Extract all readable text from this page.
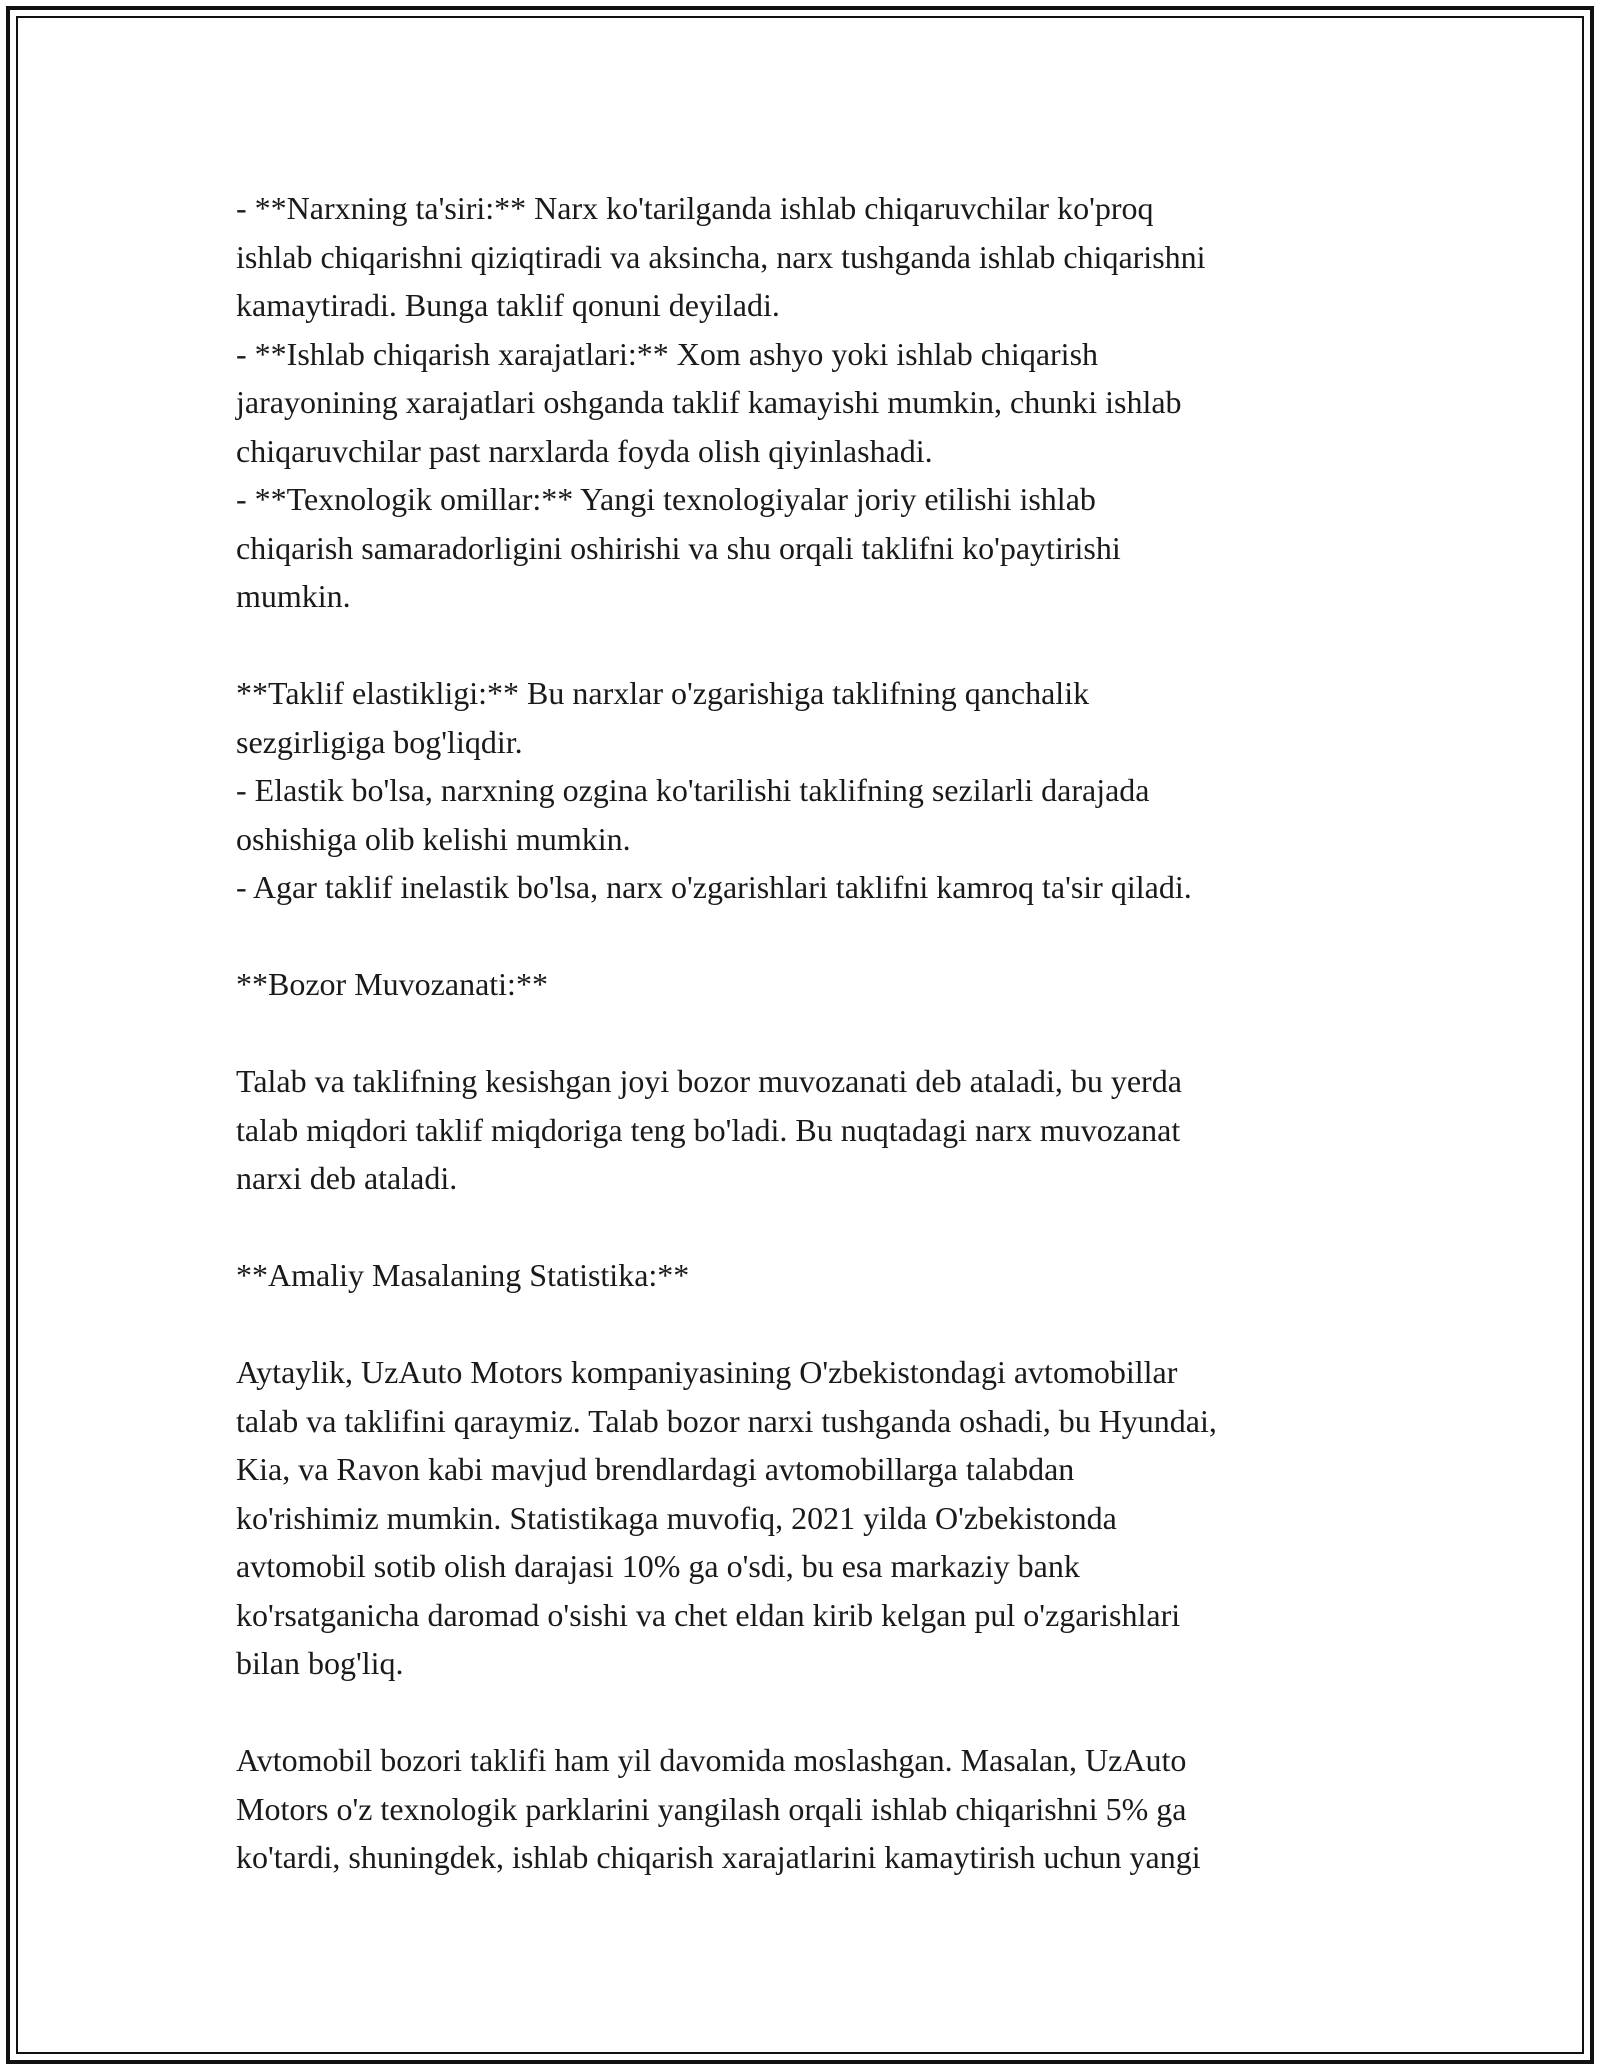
- **Narxning ta'siri:** Narx ko'tarilganda ishlab chiqaruvchilar ko'proq
ishlab chiqarishni qiziqtiradi va aksincha, narx tushganda ishlab chiqarishni
kamaytiradi. Bunga taklif qonuni deyiladi.
- **Ishlab chiqarish xarajatlari:** Xom ashyo yoki ishlab chiqarish
jarayonining xarajatlari oshganda taklif kamayishi mumkin, chunki ishlab
chiqaruvchilar past narxlarda foyda olish qiyinlashadi.
- **Texnologik omillar:** Yangi texnologiyalar joriy etilishi ishlab
chiqarish samaradorligini oshirishi va shu orqali taklifni ko'paytirishi
mumkin.

**Taklif elastikligi:** Bu narxlar o'zgarishiga taklifning qanchalik
sezgirligiga bog'liqdir.
- Elastik bo'lsa, narxning ozgina ko'tarilishi taklifning sezilarli darajada
oshishiga olib kelishi mumkin.
- Agar taklif inelastik bo'lsa, narx o'zgarishlari taklifni kamroq ta'sir qiladi.

**Bozor Muvozanati:**

Talab va taklifning kesishgan joyi bozor muvozanati deb ataladi, bu yerda
talab miqdori taklif miqdoriga teng bo'ladi. Bu nuqtadagi narx muvozanat
narxi deb ataladi.

**Amaliy Masalaning Statistika:**

Aytaylik, UzAuto Motors kompaniyasining O'zbekistondagi avtomobillar
talab va taklifini qaraymiz. Talab bozor narxi tushganda oshadi, bu Hyundai,
Kia, va Ravon kabi mavjud brendlardagi avtomobillarga talabdan
ko'rishimiz mumkin. Statistikaga muvofiq, 2021 yilda O'zbekistonda
avtomobil sotib olish darajasi 10% ga o'sdi, bu esa markaziy bank
ko'rsatganicha daromad o'sishi va chet eldan kirib kelgan pul o'zgarishlari
bilan bog'liq.

Avtomobil bozori taklifi ham yil davomida moslashgan. Masalan, UzAuto
Motors o'z texnologik parklarini yangilash orqali ishlab chiqarishni 5% ga
ko'tardi, shuningdek, ishlab chiqarish xarajatlarini kamaytirish uchun yangi
